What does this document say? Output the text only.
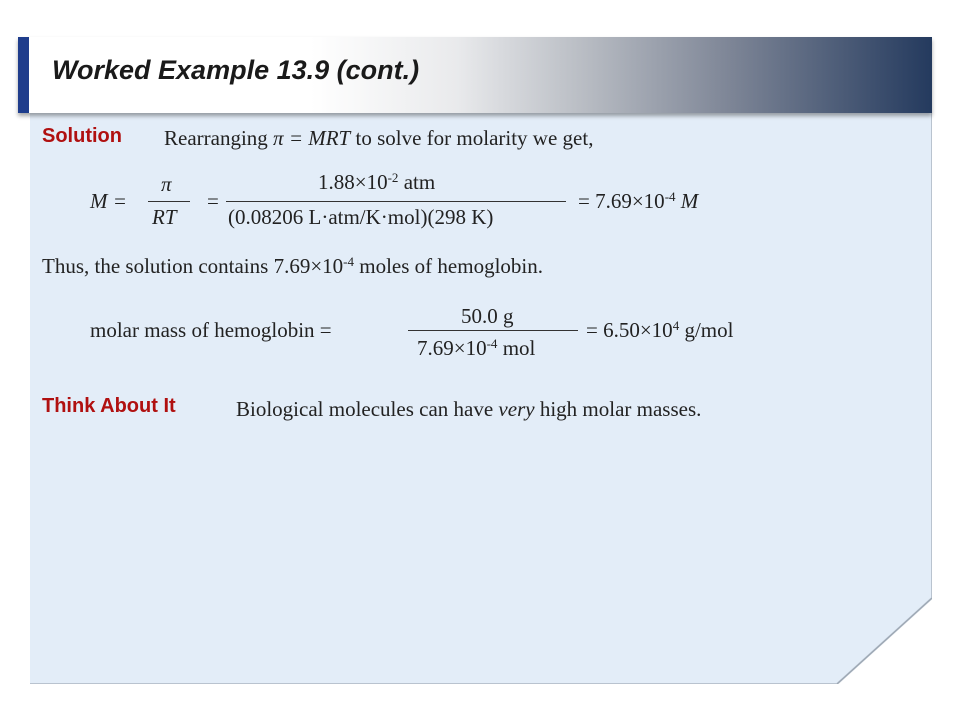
Worked Example 13.9 (cont.)
Solution Rearranging π = MRT to solve for molarity we get,
M =
π
RT
=
$1.88\times 10^{-2}$ atm
(0.08206 L·atm/K·mol)(298 K)
= $7.69\times 10^{-4}$ M
Thus, the solution contains $7.69\times 10^{-4}$ moles of hemoglobin.
molar mass of hemoglobin =
50.0 g
$7.69\times 10^{-4}$ mol
= $6.50\times 10^4$ g/mol
Think About It	Biological molecules can have very high molar masses.
